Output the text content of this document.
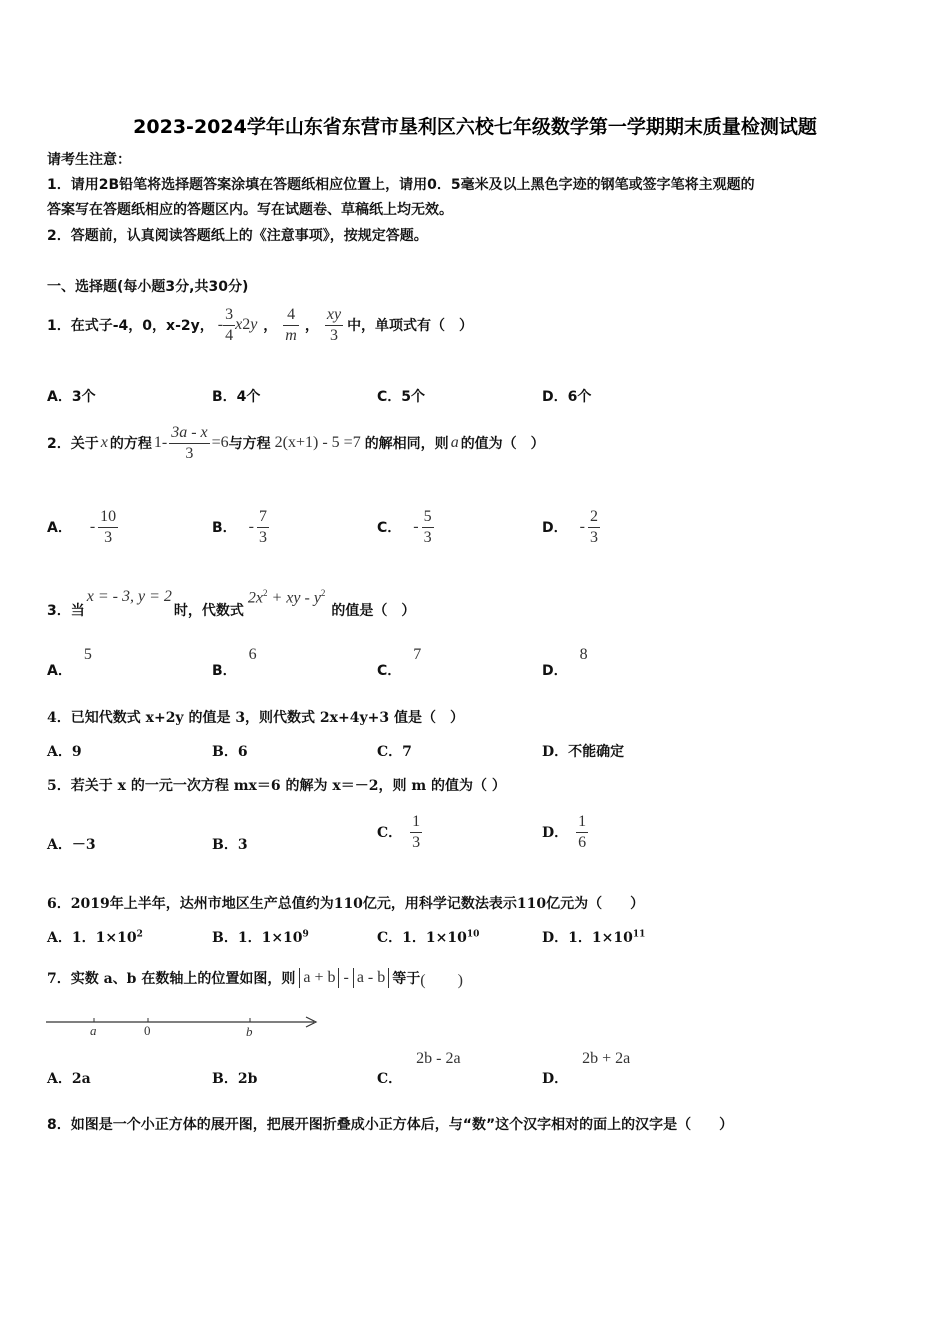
2023-2024学年山东省东营市垦利区六校七年级数学第一学期期末质量检测试题
请考生注意：
1．请用2B铅笔将选择题答案涂填在答题纸相应位置上，请用0．5毫米及以上黑色字迹的钢笔或签字笔将主观题的
答案写在答题纸相应的答题区内。写在试题卷、草稿纸上均无效。
2．答题前，认真阅读答题纸上的《注意事项》，按规定答题。
一、选择题(每小题3分,共30分)
1．在式子-4，0，x-2y， - $\frac{3}{4}$ x 2 y ， $\frac{4}{m}$ ， $\frac{xy}{3}$ 中，单项式有（　）
A．3个	B．4个	C．5个	D．6个
2．关于 x 的方程 $1- \frac{3a - x}{3} =6$ 与方程 2(x+1) - 5 =7 的解相同，则 a 的值为（　）
A． - $\frac{10}{3}$	B． - $\frac{7}{3}$	C． - $\frac{5}{3}$	D． - $\frac{2}{3}$
3．当
x = - 3, y = 2
时，代数式
$2x^2$ + xy - $y^2$
的值是（　）
A．
5
B．
6
C．
7
D．
8
4．已知代数式 x+2y 的值是 3，则代数式 2x+4y+3 值是（　）
A．9	B．6	C．7	D．不能确定
5．若关于 x 的一元一次方程 mx＝6 的解为 x＝－2，则 m 的值为（ ）
A．－3	B．3
C． $\frac{1}{3}$	D． $\frac{1}{6}$
6．2019年上半年，达州市地区生产总值约为110亿元，用科学记数法表示110亿元为（　　）
A．1．$1\times 10^2$	B．1．$1\times 10^9$	C．1．$1\times 10^{10}$	D．1．$1\times 10^{11}$
7．实数 a、b 在数轴上的位置如图，则 a + b - a - b 等于 (　　)
a	0	b
A．2a	B．2b	C．
2b - 2a
D．
2b + 2a
8．如图是一个小正方体的展开图，把展开图折叠成小正方体后，与“数”这个汉字相对的面上的汉字是（　　）
